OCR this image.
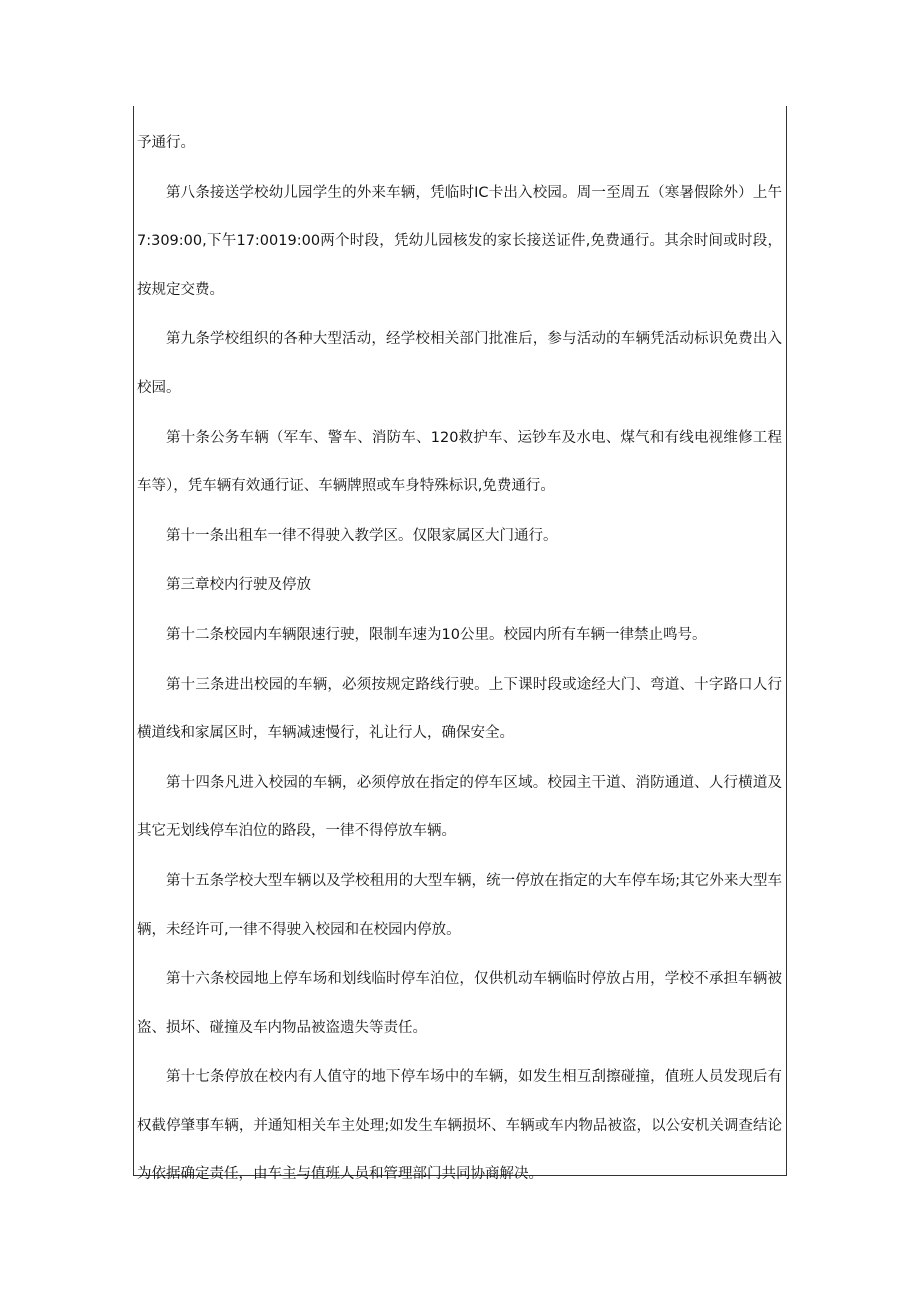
予通行。

第八条接送学校幼儿园学生的外来车辆，凭临时IC卡出入校园。周一至周五（寒暑假除外）上午7:309:00,下午17:0019:00两个时段，凭幼儿园核发的家长接送证件,免费通行。其余时间或时段，按规定交费。

第九条学校组织的各种大型活动，经学校相关部门批准后，参与活动的车辆凭活动标识免费出入校园。

第十条公务车辆（军车、警车、消防车、120救护车、运钞车及水电、煤气和有线电视维修工程车等），凭车辆有效通行证、车辆牌照或车身特殊标识,免费通行。

第十一条出租车一律不得驶入教学区。仅限家属区大门通行。

第三章校内行驶及停放

第十二条校园内车辆限速行驶，限制车速为10公里。校园内所有车辆一律禁止鸣号。

第十三条进出校园的车辆，必须按规定路线行驶。上下课时段或途经大门、弯道、十字路口人行横道线和家属区时，车辆减速慢行，礼让行人，确保安全。

第十四条凡进入校园的车辆，必须停放在指定的停车区域。校园主干道、消防通道、人行横道及其它无划线停车泊位的路段，一律不得停放车辆。

第十五条学校大型车辆以及学校租用的大型车辆，统一停放在指定的大车停车场;其它外来大型车辆，未经许可,一律不得驶入校园和在校园内停放。

第十六条校园地上停车场和划线临时停车泊位，仅供机动车辆临时停放占用，学校不承担车辆被盗、损坏、碰撞及车内物品被盗遗失等责任。

第十七条停放在校内有人值守的地下停车场中的车辆，如发生相互刮擦碰撞，值班人员发现后有权截停肇事车辆，并通知相关车主处理;如发生车辆损坏、车辆或车内物品被盗，以公安机关调查结论为依据确定责任，由车主与值班人员和管理部门共同协商解决。
